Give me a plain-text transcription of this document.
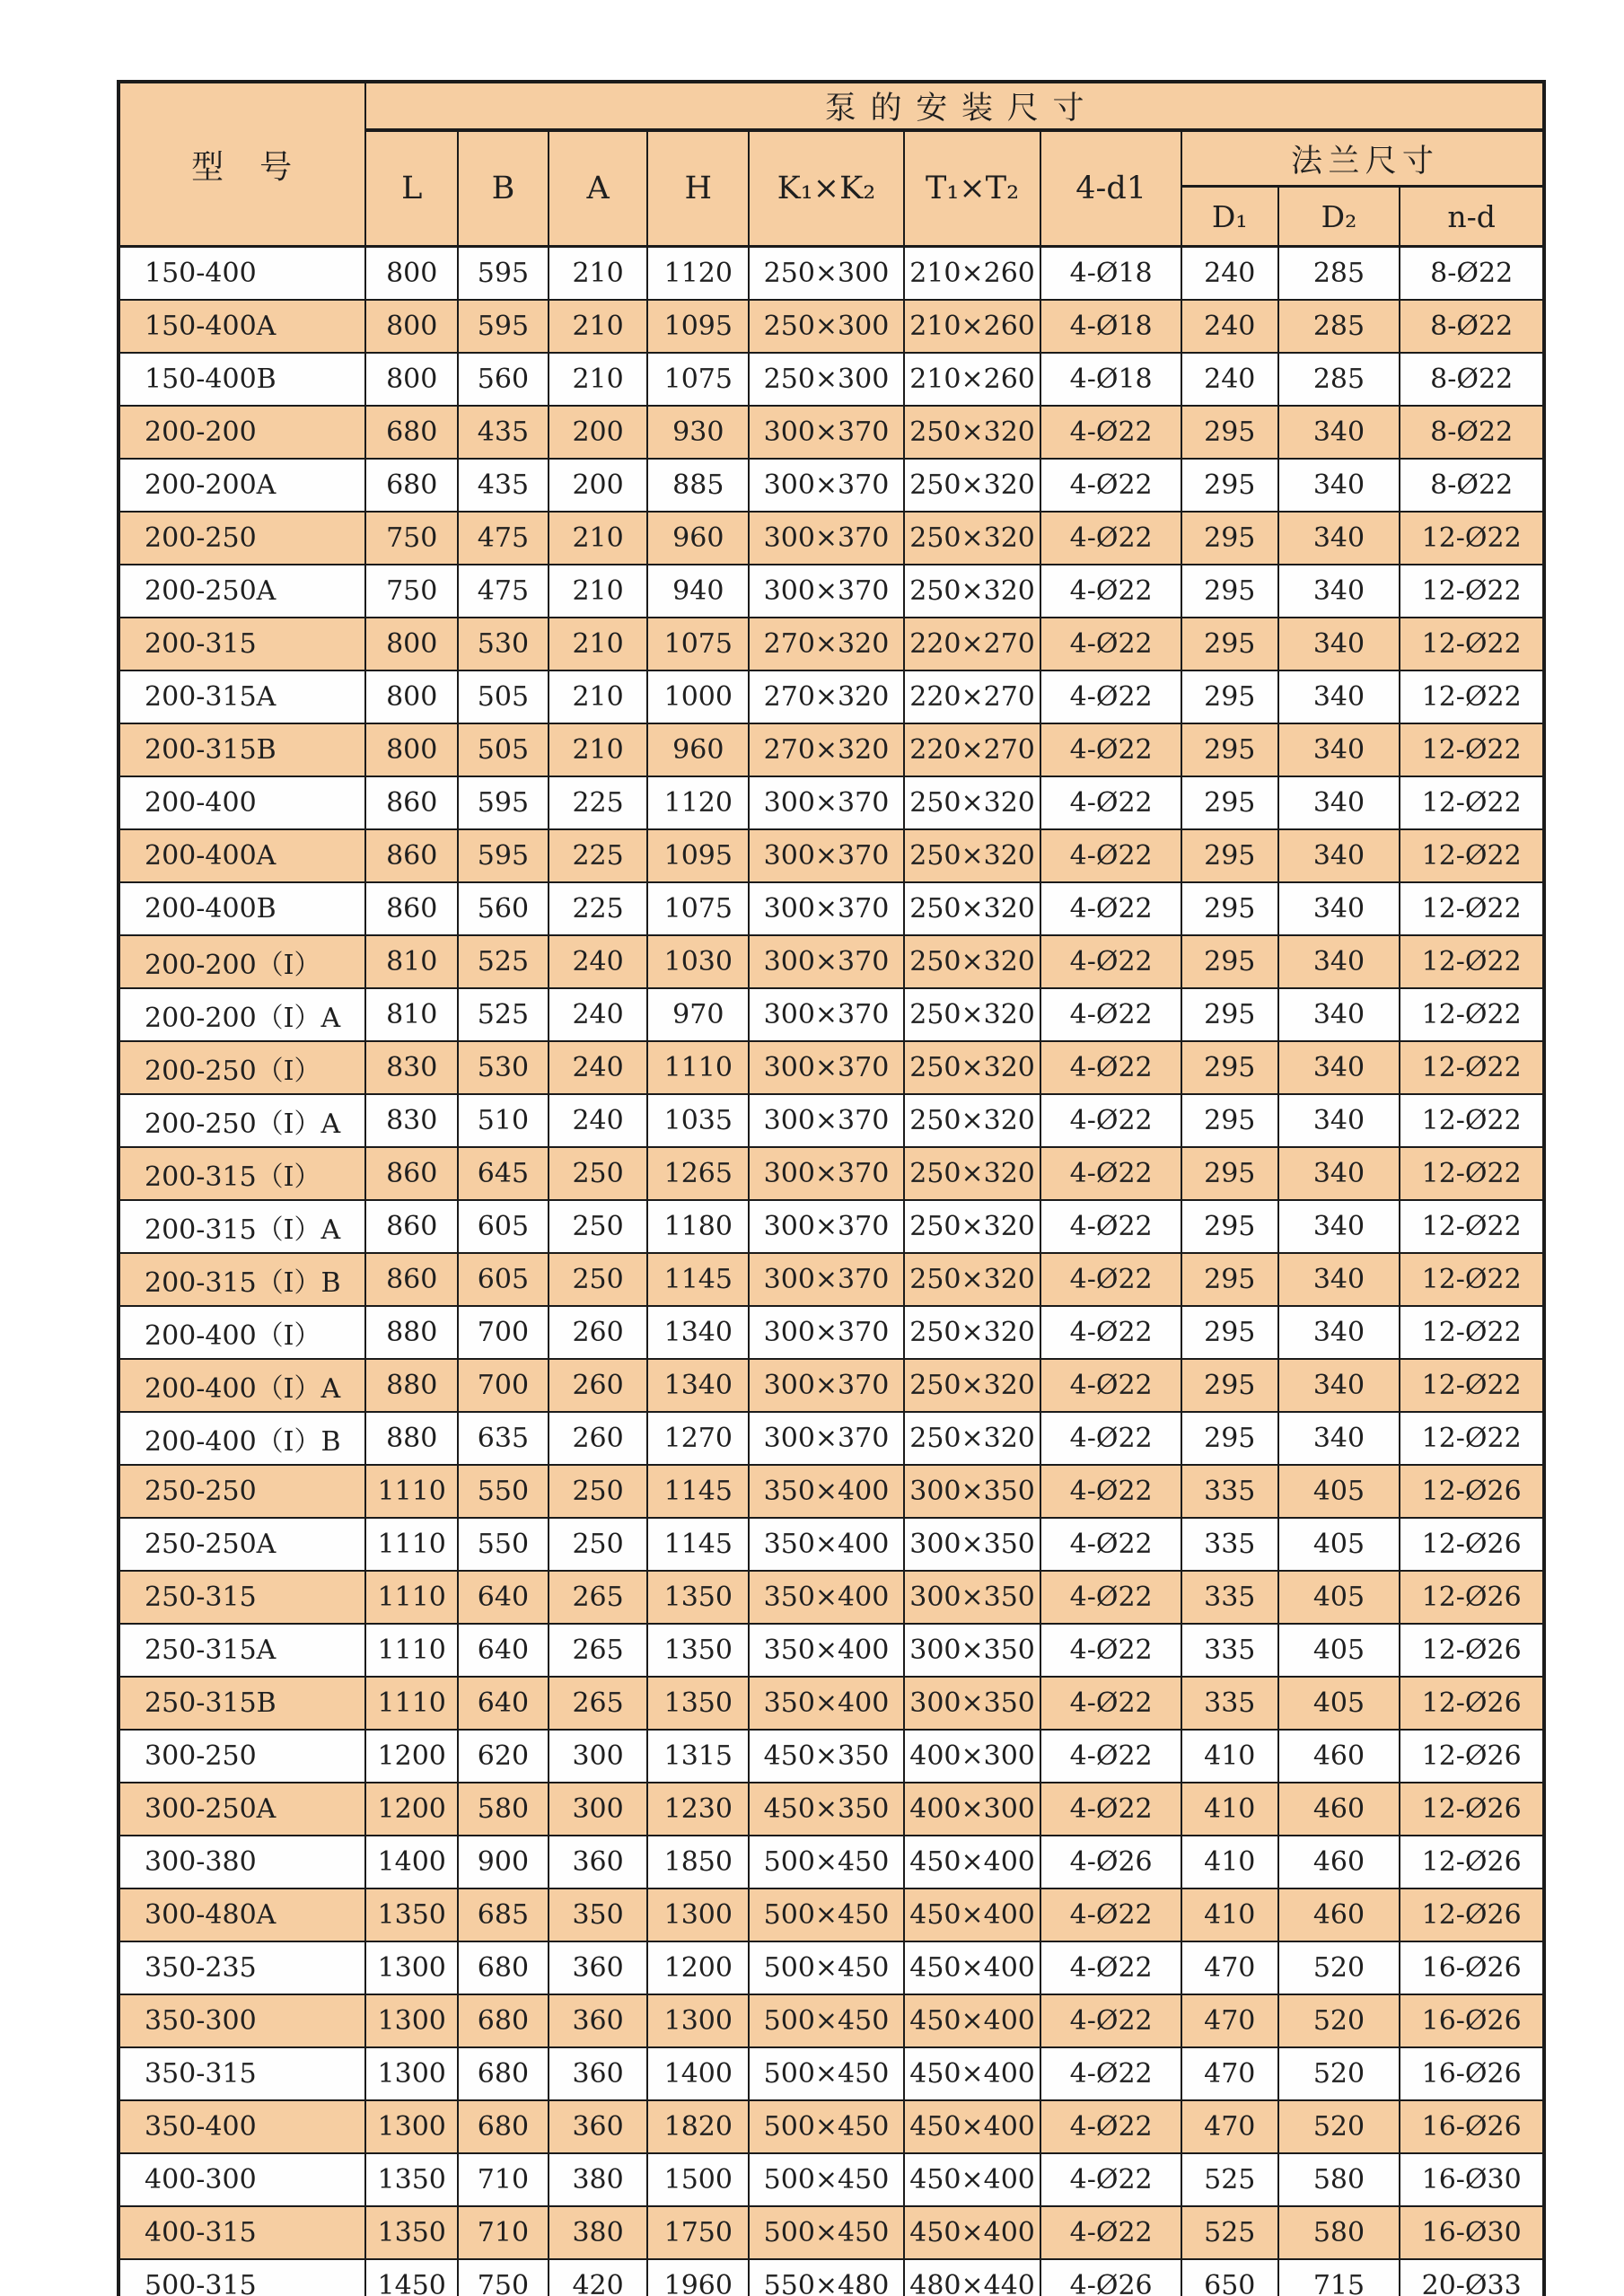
型　号	泵的安装尺寸									
	L	B	A	H	K₁×K₂	T₁×T₂	4-d1	法兰尺寸		
								D₁	D₂	n-d
150-400	800	595	210	1120	250×300	210×260	4-Ø18	240	285	8-Ø22
150-400A	800	595	210	1095	250×300	210×260	4-Ø18	240	285	8-Ø22
150-400B	800	560	210	1075	250×300	210×260	4-Ø18	240	285	8-Ø22
200-200	680	435	200	930	300×370	250×320	4-Ø22	295	340	8-Ø22
200-200A	680	435	200	885	300×370	250×320	4-Ø22	295	340	8-Ø22
200-250	750	475	210	960	300×370	250×320	4-Ø22	295	340	12-Ø22
200-250A	750	475	210	940	300×370	250×320	4-Ø22	295	340	12-Ø22
200-315	800	530	210	1075	270×320	220×270	4-Ø22	295	340	12-Ø22
200-315A	800	505	210	1000	270×320	220×270	4-Ø22	295	340	12-Ø22
200-315B	800	505	210	960	270×320	220×270	4-Ø22	295	340	12-Ø22
200-400	860	595	225	1120	300×370	250×320	4-Ø22	295	340	12-Ø22
200-400A	860	595	225	1095	300×370	250×320	4-Ø22	295	340	12-Ø22
200-400B	860	560	225	1075	300×370	250×320	4-Ø22	295	340	12-Ø22
200-200（I）	810	525	240	1030	300×370	250×320	4-Ø22	295	340	12-Ø22
200-200（I）A	810	525	240	970	300×370	250×320	4-Ø22	295	340	12-Ø22
200-250（I）	830	530	240	1110	300×370	250×320	4-Ø22	295	340	12-Ø22
200-250（I）A	830	510	240	1035	300×370	250×320	4-Ø22	295	340	12-Ø22
200-315（I）	860	645	250	1265	300×370	250×320	4-Ø22	295	340	12-Ø22
200-315（I）A	860	605	250	1180	300×370	250×320	4-Ø22	295	340	12-Ø22
200-315（I）B	860	605	250	1145	300×370	250×320	4-Ø22	295	340	12-Ø22
200-400（I）	880	700	260	1340	300×370	250×320	4-Ø22	295	340	12-Ø22
200-400（I）A	880	700	260	1340	300×370	250×320	4-Ø22	295	340	12-Ø22
200-400（I）B	880	635	260	1270	300×370	250×320	4-Ø22	295	340	12-Ø22
250-250	1110	550	250	1145	350×400	300×350	4-Ø22	335	405	12-Ø26
250-250A	1110	550	250	1145	350×400	300×350	4-Ø22	335	405	12-Ø26
250-315	1110	640	265	1350	350×400	300×350	4-Ø22	335	405	12-Ø26
250-315A	1110	640	265	1350	350×400	300×350	4-Ø22	335	405	12-Ø26
250-315B	1110	640	265	1350	350×400	300×350	4-Ø22	335	405	12-Ø26
300-250	1200	620	300	1315	450×350	400×300	4-Ø22	410	460	12-Ø26
300-250A	1200	580	300	1230	450×350	400×300	4-Ø22	410	460	12-Ø26
300-380	1400	900	360	1850	500×450	450×400	4-Ø26	410	460	12-Ø26
300-480A	1350	685	350	1300	500×450	450×400	4-Ø22	410	460	12-Ø26
350-235	1300	680	360	1200	500×450	450×400	4-Ø22	470	520	16-Ø26
350-300	1300	680	360	1300	500×450	450×400	4-Ø22	470	520	16-Ø26
350-315	1300	680	360	1400	500×450	450×400	4-Ø22	470	520	16-Ø26
350-400	1300	680	360	1820	500×450	450×400	4-Ø22	470	520	16-Ø26
400-300	1350	710	380	1500	500×450	450×400	4-Ø22	525	580	16-Ø30
400-315	1350	710	380	1750	500×450	450×400	4-Ø22	525	580	16-Ø30
500-315	1450	750	420	1960	550×480	480×440	4-Ø26	650	715	20-Ø33
